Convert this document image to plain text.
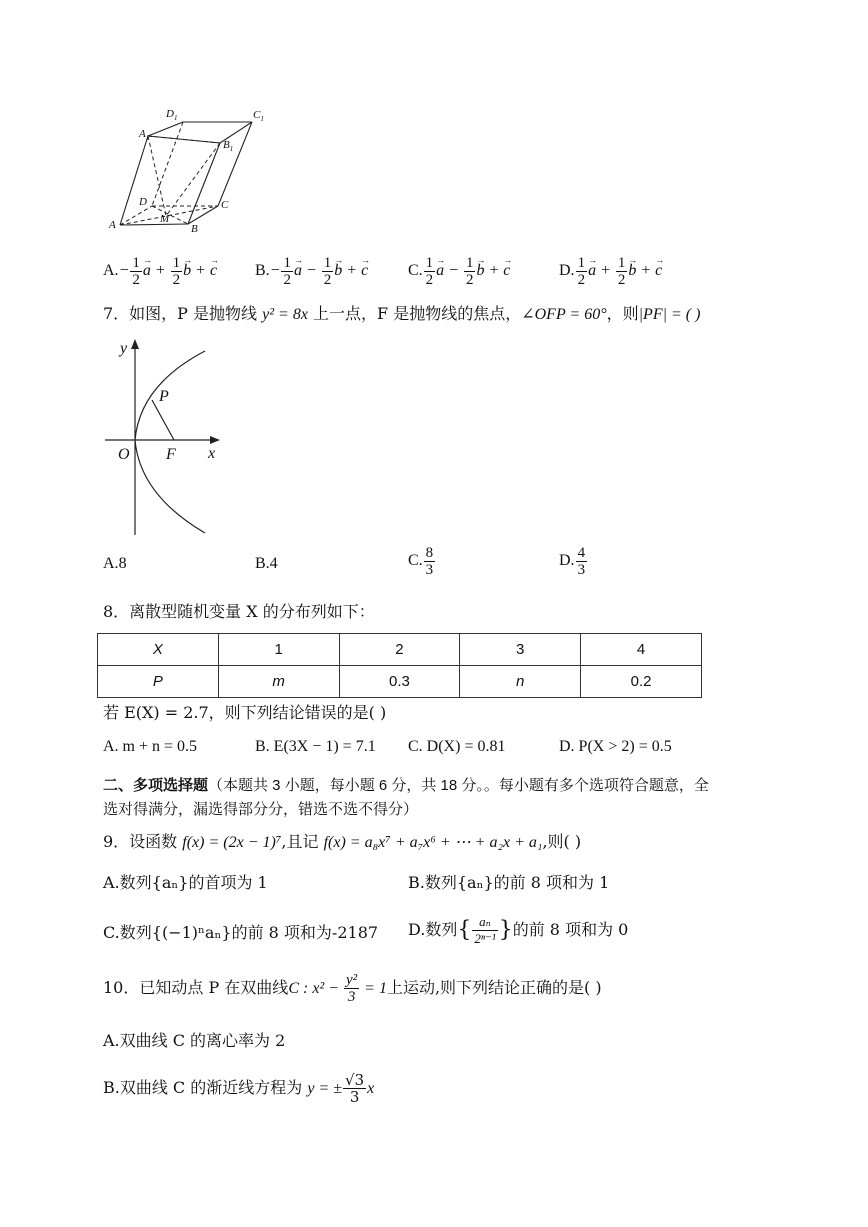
$D_1$	$C_1$
$A_1$
$B_1$
D	C
A	M
B
$A.- \frac{1}{2} \to a + \frac{1}{2} \to b$ + → c $B.- \frac{1}{2} \to a - \frac{1}{2} \to b$ + → c C. $\frac{1}{2} \to a - \frac{1}{2} \to b$ + → c	D. $\frac{1}{2} \to a + \frac{1}{2} \to b$ + → c
7．如图，P 是抛物线 y² = 8x 上一点，F 是抛物线的焦点，∠OFP = 60°，则|PF| = ( )
y
x
O
P
F
A.8	B.4	C. $\frac{8}{3}$	D. $\frac{4}{3}$
8．离散型随机变量 X 的分布列如下：
X	1	2	3	4
P	m	0.3	n	0.2
若 E(X) = 2.7，则下列结论错误的是( )
A. m + n = 0.5	B. E(3X − 1) = 7.1 C. D(X) = 0.81	D. P(X > 2) = 0.5
二、多项选择题（本题共 3 小题，每小题 6 分，共 18 分。。每小题有多个选项符合题意，全
选对得满分，漏选得部分分，错选不选不得分）
9．设函数 f(x) = (2x − 1)⁷,且记 f(x) = a₈x⁷ + a₇x⁶ + ⋯ + a₂x + a₁,则( )
A.数列{aₙ}的首项为 1	B.数列{aₙ}的前 8 项和为 1
C.数列{(−1)ⁿaₙ}的前 8 项和为-2187 D.数列{ $\frac{\text{aₙ}}{\text{2ⁿ⁻¹}}$ }的前 8 项和为 0
10．已知动点 P 在双曲线C : $x^2 - \frac{\text{y²}}{3} = 1$上运动,则下列结论正确的是( )
A.双曲线 C 的离心率为 2
B.双曲线 C 的渐近线方程为 y = ± $\frac{√3}{3}$ x
